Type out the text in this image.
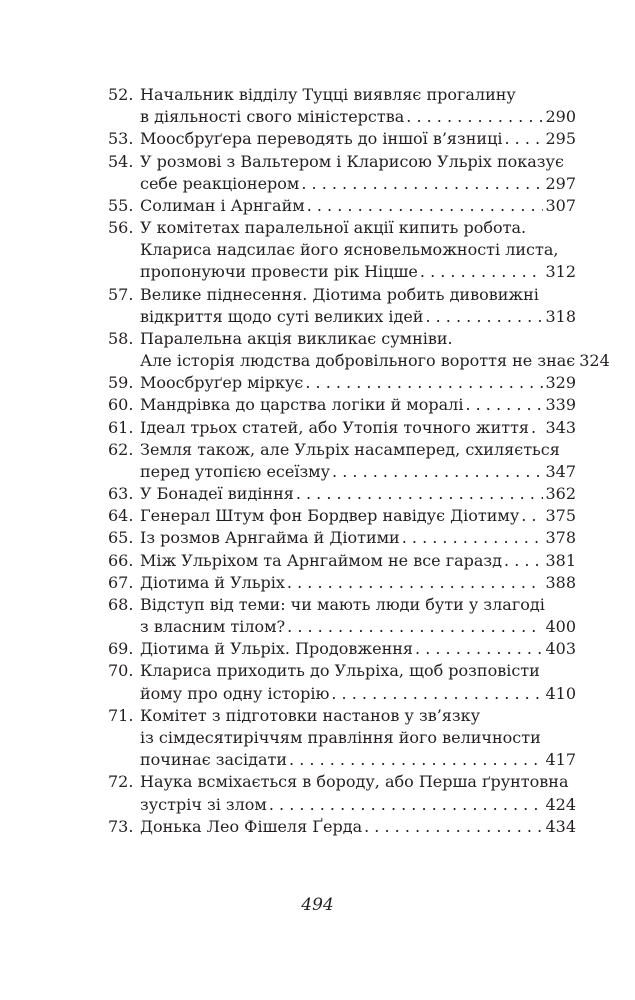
52. Начальник відділу Туцці виявляє прогалину
в діяльності свого міністерства . . .	290
53. Моосбруґера переводять до іншої в’язниці . . .	295
54. У розмові з Вальтером і Кларисою Ульріх показує
себе реакціонером . . .	297
55. Солиман і Арнгайм . . .	307
56. У комітетах паралельної акції кипить робота.
Клариса надсилає його ясновельможності листа,
пропонуючи провести рік Ніцше . . .	312
57. Велике піднесення. Діотима робить дивовижні
відкриття щодо суті великих ідей . . .	318
58. Паралельна акція викликає сумніви.
Але історія людства добровільного вороття не знає 324
59. Моосбруґер міркує . . .	329
60. Мандрівка до царства логіки й моралі . . .	339
61. Ідеал трьох статей, або Утопія точного життя . . . 343
62. Земля також, але Ульріх насамперед, схиляється
перед утопією есеїзму . . .	347
63. У Бонадеї видіння . . .	362
64. Генерал Штум фон Бордвер навідує Діотиму . . . 375
65. Із розмов Арнгайма й Діотими . . .	378
66. Між Ульріхом та Арнгаймом не все гаразд . . .	381
67. Діотима й Ульріх . . .	388
68. Відступ від теми: чи мають люди бути у злагоді
з власним тілом? . . .	400
69. Діотима й Ульріх. Продовження . . .	403
70. Клариса приходить до Ульріха, щоб розповісти
йому про одну історію . . .	410
71. Комітет з підготовки настанов у зв’язку
із сімдесятиріччям правління його величности
починає засідати . . .	417
72. Наука всміхається в бороду, або Перша ґрунтовна
зустріч зі злом . . .	424
73. Донька Лео Фішеля Ґерда . . .	434
494
